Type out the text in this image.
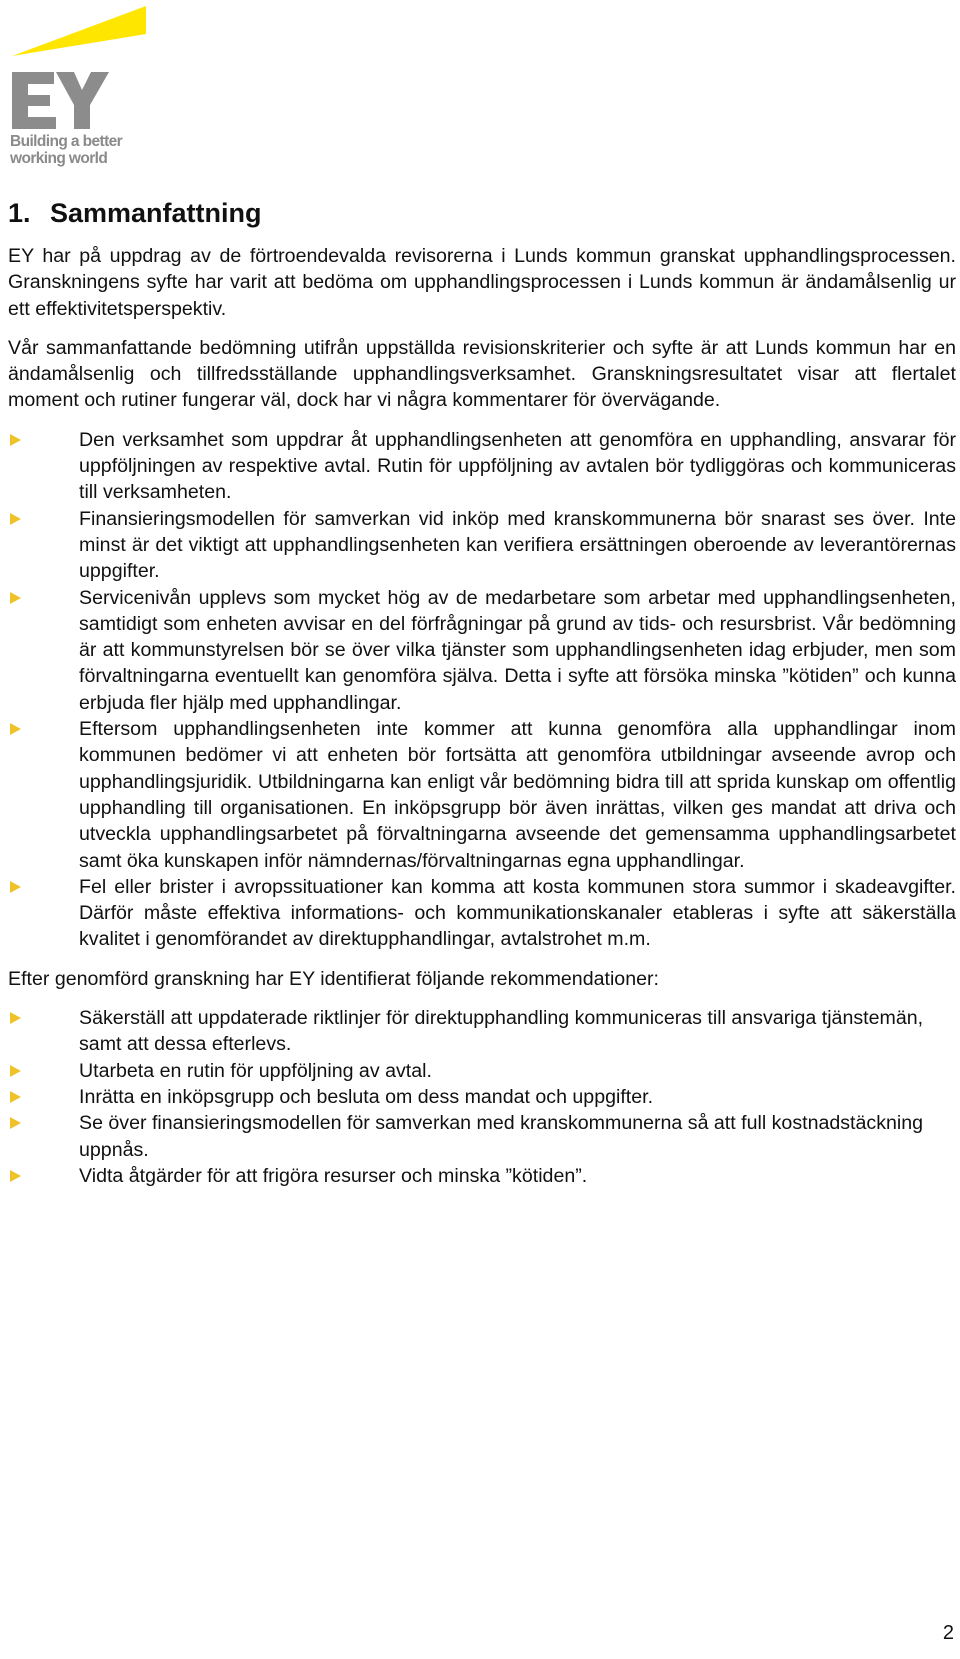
EY
Building a better
working world
1. Sammanfattning

EY har på uppdrag av de förtroendevalda revisorerna i Lunds kommun granskat upphandlingsprocessen. Granskningens syfte har varit att bedöma om upphandlingsprocessen i Lunds kommun är ändamålsenlig ur ett effektivitetsperspektiv.

Vår sammanfattande bedömning utifrån uppställda revisionskriterier och syfte är att Lunds kommun har en ändamålsenlig och tillfredsställande upphandlingsverksamhet. Granskningsresultatet visar att flertalet moment och rutiner fungerar väl, dock har vi några kommentarer för övervägande.

Den verksamhet som uppdrar åt upphandlingsenheten att genomföra en upphandling, ansvarar för uppföljningen av respektive avtal. Rutin för uppföljning av avtalen bör tydliggöras och kommuniceras till verksamheten.
Finansieringsmodellen för samverkan vid inköp med kranskommunerna bör snarast ses över. Inte minst är det viktigt att upphandlingsenheten kan verifiera ersättningen oberoende av leverantörernas uppgifter.
Servicenivån upplevs som mycket hög av de medarbetare som arbetar med upphandlingsenheten, samtidigt som enheten avvisar en del förfrågningar på grund av tids- och resursbrist. Vår bedömning är att kommunstyrelsen bör se över vilka tjänster som upphandlingsenheten idag erbjuder, men som förvaltningarna eventuellt kan genomföra själva. Detta i syfte att försöka minska ”kötiden” och kunna erbjuda fler hjälp med upphandlingar.
Eftersom upphandlingsenheten inte kommer att kunna genomföra alla upphandlingar inom kommunen bedömer vi att enheten bör fortsätta att genomföra utbildningar avseende avrop och upphandlingsjuridik. Utbildningarna kan enligt vår bedömning bidra till att sprida kunskap om offentlig upphandling till organisationen. En inköpsgrupp bör även inrättas, vilken ges mandat att driva och utveckla upphandlingsarbetet på förvaltningarna avseende det gemensamma upphandlingsarbetet samt öka kunskapen inför nämndernas/förvaltningarnas egna upphandlingar.
Fel eller brister i avropssituationer kan komma att kosta kommunen stora summor i skadeavgifter. Därför måste effektiva informations- och kommunikationskanaler etableras i syfte att säkerställa kvalitet i genomförandet av direktupphandlingar, avtalstrohet m.m.

Efter genomförd granskning har EY identifierat följande rekommendationer:

Säkerställ att uppdaterade riktlinjer för direktupphandling kommuniceras till ansvariga tjänstemän, samt att dessa efterlevs.
Utarbeta en rutin för uppföljning av avtal.
Inrätta en inköpsgrupp och besluta om dess mandat och uppgifter.
Se över finansieringsmodellen för samverkan med kranskommunerna så att full kostnadstäckning uppnås.
Vidta åtgärder för att frigöra resurser och minska ”kötiden”.
2
